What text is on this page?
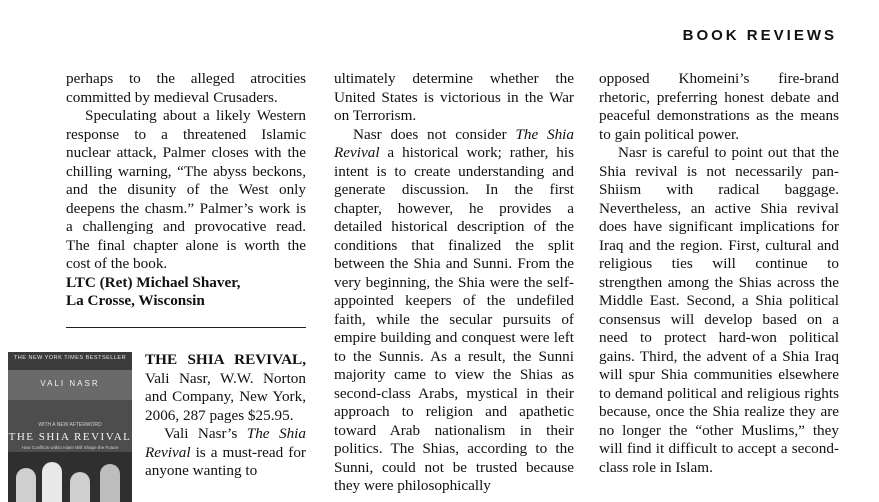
BOOK REVIEWS

perhaps to the alleged atrocities committed by medieval Crusaders.

Speculating about a likely Western response to a threatened Islamic nuclear attack, Palmer closes with the chilling warning, “The abyss beckons, and the disunity of the West only deepens the chasm.” Palmer’s work is a challenging and provocative read. The final chapter alone is worth the cost of the book.

LTC (Ret) Michael Shaver,

La Crosse, Wisconsin

THE NEW YORK TIMES BESTSELLER
VALI NASR
WITH A NEW AFTERWORD
THE SHIA REVIVAL
How Conflicts within Islam Will Shape the Future

THE SHIA REVIVAL, Vali Nasr, W.W. Norton and Company, New York, 2006, 287 pages $25.95.

Vali Nasr’s The Shia Revival is a must-read for anyone wanting to

ultimately determine whether the United States is victorious in the War on Terrorism.

Nasr does not consider The Shia Revival a historical work; rather, his intent is to create understanding and generate discussion. In the first chapter, however, he provides a detailed historical description of the conditions that finalized the split between the Shia and Sunni. From the very beginning, the Shia were the self-appointed keepers of the undefiled faith, while the secular pursuits of empire building and conquest were left to the Sunnis. As a result, the Sunni majority came to view the Shias as second-class Arabs, mystical in their approach to religion and apathetic toward Arab nationalism in their politics. The Shias, according to the Sunni, could not be trusted because they were philosophically

opposed Khomeini’s fire-brand rhetoric, preferring honest debate and peaceful demonstrations as the means to gain political power.

Nasr is careful to point out that the Shia revival is not necessarily pan-Shiism with radical baggage. Nevertheless, an active Shia revival does have significant implications for Iraq and the region. First, cultural and religious ties will continue to strengthen among the Shias across the Middle East. Second, a Shia political consensus will develop based on a need to protect hard-won political gains. Third, the advent of a Shia Iraq will spur Shia communities elsewhere to demand political and religious rights because, once the Shia realize they are no longer the “other Muslims,” they will find it difficult to accept a second-class role in Islam.
